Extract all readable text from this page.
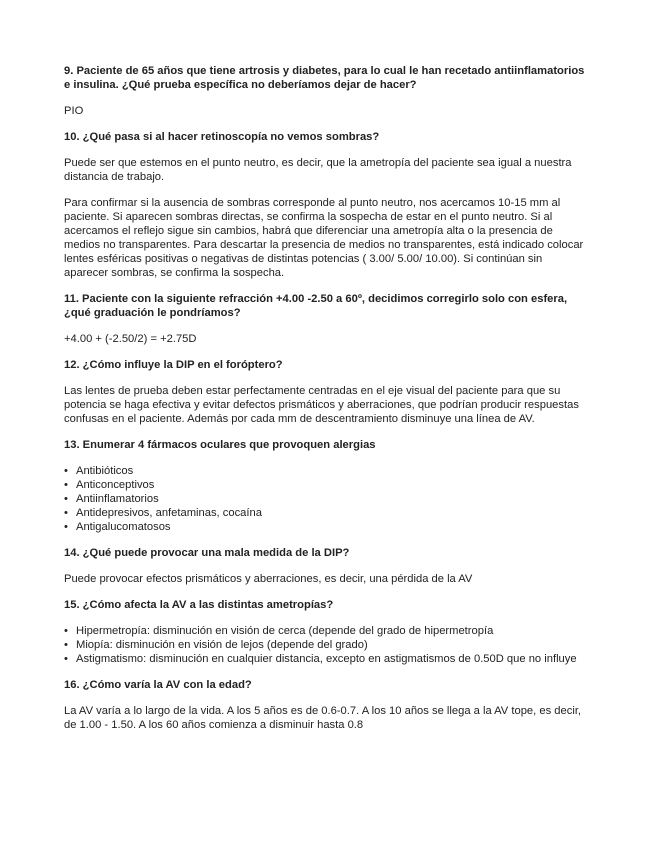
9. Paciente de 65 años que tiene artrosis y diabetes, para lo cual le han recetado antiinflamatorios e insulina. ¿Qué prueba específica no deberíamos dejar de hacer?

PIO

10. ¿Qué pasa si al hacer retinoscopía no vemos sombras?

Puede ser que estemos en el punto neutro, es decir, que la ametropía del paciente sea igual a nuestra distancia de trabajo.

Para confirmar si la ausencia de sombras corresponde al punto neutro, nos acercamos 10-15 mm al paciente. Si aparecen sombras directas, se confirma la sospecha de estar en el punto neutro. Si al acercamos el reflejo sigue sin cambios, habrá que diferenciar una ametropía alta o la presencia de medios no transparentes. Para descartar la presencia de medios no transparentes, está indicado colocar lentes esféricas positivas o negativas de distintas potencias ( 3.00/ 5.00/ 10.00). Si continúan sin aparecer sombras, se confirma la sospecha.

11. Paciente con la siguiente refracción +4.00 -2.50 a 60º, decidimos corregirlo solo con esfera, ¿qué graduación le pondríamos?

+4.00 + (-2.50/2) = +2.75D

12. ¿Cómo influye la DIP en el foróptero?

Las lentes de prueba deben estar perfectamente centradas en el eje visual del paciente para que su potencia se haga efectiva y evitar defectos prismáticos y aberraciones, que podrían producir respuestas confusas en el paciente. Además por cada mm de descentramiento disminuye una línea de AV.

13. Enumerar 4 fármacos oculares que provoquen alergias

• Antibióticos
• Anticonceptivos
• Antiinflamatorios
• Antidepresivos, anfetaminas, cocaína
• Antigalucomatosos

14. ¿Qué puede provocar una mala medida de la DIP?

Puede provocar efectos prismáticos y aberraciones, es decir, una pérdida de la AV

15. ¿Cómo afecta la AV a las distintas ametropías?

• Hipermetropía: disminución en visión de cerca (depende del grado de hipermetropía
• Miopía: disminución en visión de lejos (depende del grado)
• Astigmatismo: disminución en cualquier distancia, excepto en astigmatismos de 0.50D que no influye

16. ¿Cómo varía la AV con la edad?

La AV varía a lo largo de la vida. A los 5 años es de 0.6-0.7. A los 10 años se llega a la AV tope, es decir, de 1.00 - 1.50. A los 60 años comienza a disminuir hasta 0.8
